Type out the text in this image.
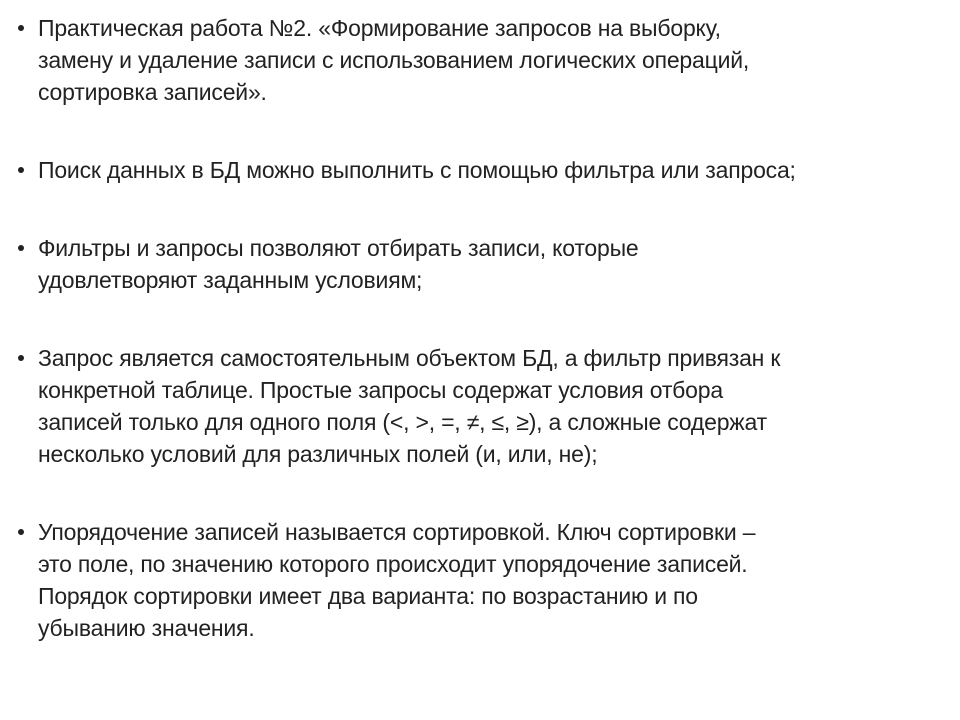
Практическая работа №2. «Формирование запросов на выборку,
замену и удаление записи с использованием логических операций,
сортировка записей».
Поиск данных в БД можно выполнить с помощью фильтра или запроса;
Фильтры и запросы позволяют отбирать записи, которые
удовлетворяют заданным условиям;
Запрос является самостоятельным объектом БД, а фильтр привязан к
конкретной таблице. Простые запросы содержат условия отбора
записей только для одного поля (<, >, =, ≠, ≤, ≥), а сложные содержат
несколько условий для различных полей (и, или, не);
Упорядочение записей называется сортировкой. Ключ сортировки –
это поле, по значению которого происходит упорядочение записей.
Порядок сортировки имеет два варианта: по возрастанию и по
убыванию значения.
